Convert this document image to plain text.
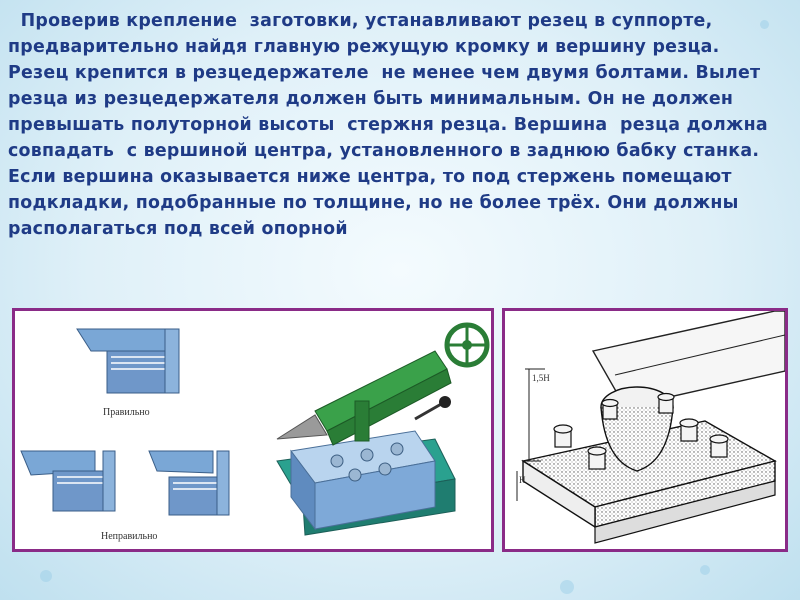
Проверив крепление  заготовки, устанавливают резец в суппорте, предварительно найдя главную режущую кромку и вершину резца.  Резец крепится в резцедержателе  не менее чем двумя болтами. Вылет резца из резцедержателя должен быть минимальным. Он не должен превышать полуторной высоты  стержня резца. Вершина  резца должна совпадать  с вершиной центра, установленного в заднюю бабку станка. Если вершина оказывается ниже центра, то под стержень помещают подкладки, подобранные по толщине, но не более трёх. Они должны располагаться под всей опорной

Правильно
Неправильно
1,5Н
Н
